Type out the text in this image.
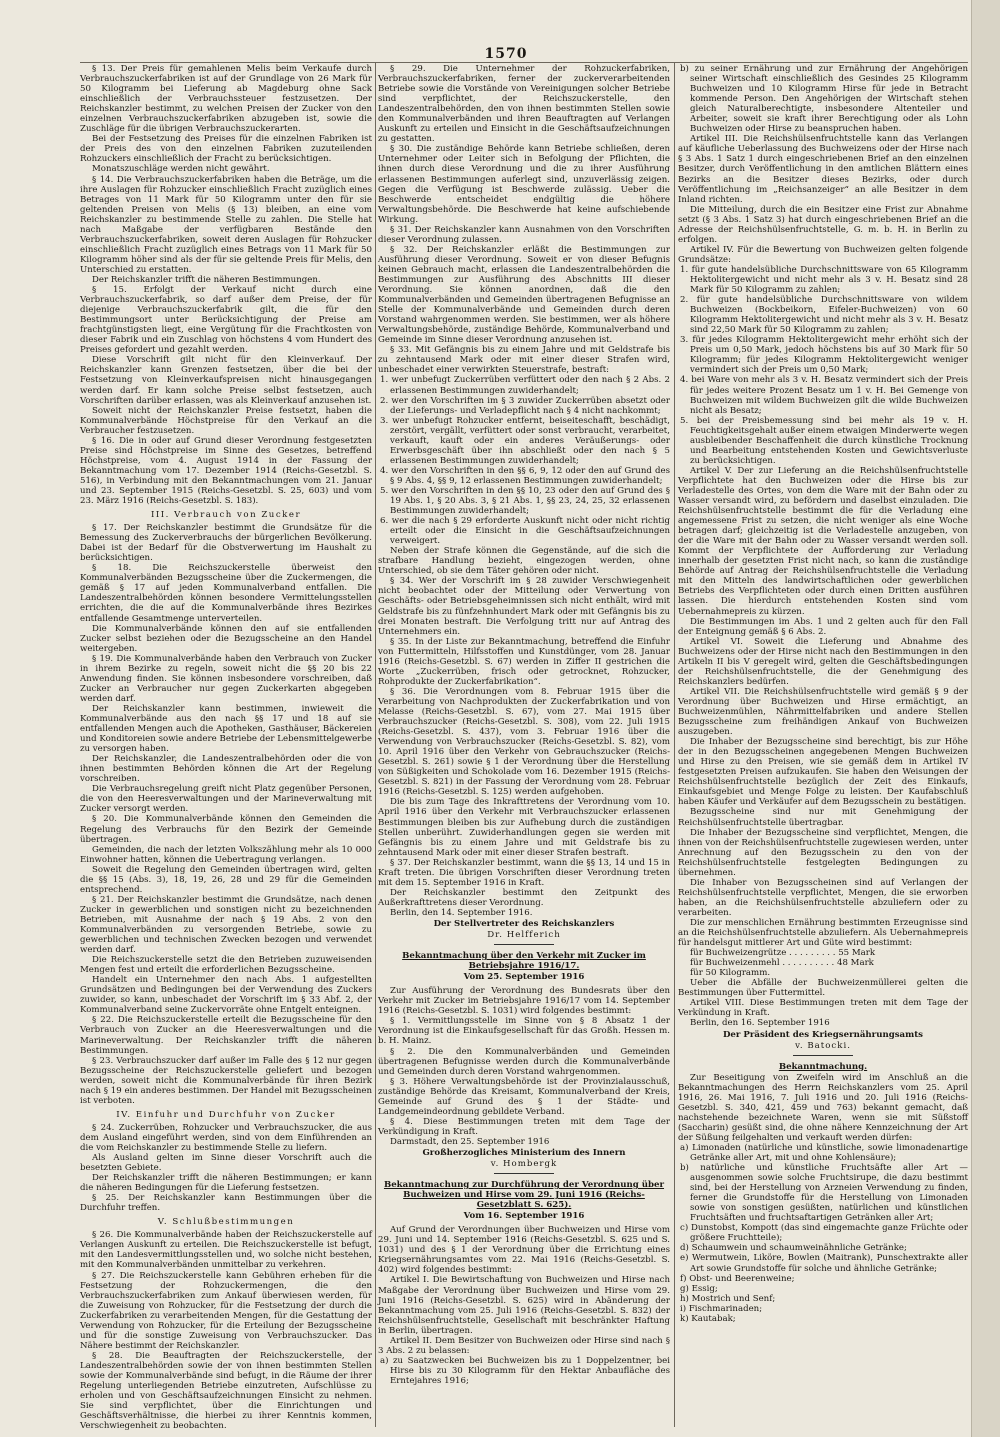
1570

§ 13. Der Preis für gemahlenen Melis beim Verkaufe durch Verbrauchszuckerfabriken ist auf der Grundlage von 26 Mark für 50 Kilogramm bei Lieferung ab Magdeburg ohne Sack einschließlich der Verbrauchssteuer festzusetzen. Der Reichskanzler bestimmt, zu welchen Preisen der Zucker von den einzelnen Verbrauchszuckerfabriken abzugeben ist, sowie die Zuschläge für die übrigen Verbrauchszuckerarten.

Bei der Festsetzung des Preises für die einzelnen Fabriken ist der Preis des von den einzelnen Fabriken zuzuteilenden Rohzuckers einschließlich der Fracht zu berücksichtigen.

Monatszuschläge werden nicht gewährt.

§ 14. Die Verbrauchszuckerfabriken haben die Beträge, um die ihre Auslagen für Rohzucker einschließlich Fracht zuzüglich eines Betrages von 11 Mark für 50 Kilogramm unter den für sie geltenden Preisen von Melis (§ 13) bleiben, an eine vom Reichskanzler zu bestimmende Stelle zu zahlen. Die Stelle hat nach Maßgabe der verfügbaren Bestände den Verbrauchszuckerfabriken, soweit deren Auslagen für Rohzucker einschließlich Fracht zuzüglich eines Betrags von 11 Mark für 50 Kilogramm höher sind als der für sie geltende Preis für Melis, den Unterschied zu erstatten.

Der Reichskanzler trifft die näheren Bestimmungen.

§ 15. Erfolgt der Verkauf nicht durch eine Verbrauchszuckerfabrik, so darf außer dem Preise, der für diejenige Verbrauchszuckerfabrik gilt, die für den Bestimmungsort unter Berücksichtigung der Preise am frachtgünstigsten liegt, eine Vergütung für die Frachtkosten von dieser Fabrik und ein Zuschlag von höchstens 4 vom Hundert des Preises gefordert und gezahlt werden.

Diese Vorschrift gilt nicht für den Kleinverkauf. Der Reichskanzler kann Grenzen festsetzen, über die bei der Festsetzung von Kleinverkaufspreisen nicht hinausgegangen werden darf. Er kann solche Preise selbst festsetzen, auch Vorschriften darüber erlassen, was als Kleinverkauf anzusehen ist.

Soweit nicht der Reichskanzler Preise festsetzt, haben die Kommunalverbände Höchstpreise für den Verkauf an die Verbraucher festzusetzen.

§ 16. Die in oder auf Grund dieser Verordnung festgesetzten Preise sind Höchstpreise im Sinne des Gesetzes, betreffend Höchstpreise, vom 4. August 1914 in der Fassung der Bekanntmachung vom 17. Dezember 1914 (Reichs-Gesetzbl. S. 516), in Verbindung mit den Bekanntmachungen vom 21. Januar und 23. September 1915 (Reichs-Gesetzbl. S. 25, 603) und vom 23. März 1916 (Reichs-Gesetzbl. S. 183).

III. Verbrauch von Zucker

§ 17. Der Reichskanzler bestimmt die Grundsätze für die Bemessung des Zuckerverbrauchs der bürgerlichen Bevölkerung. Dabei ist der Bedarf für die Obstverwertung im Haushalt zu berücksichtigen.

§ 18. Die Reichszuckerstelle überweist den Kommunalverbänden Bezugsscheine über die Zuckermengen, die gemäß § 17 auf jeden Kommunalverband entfallen. Die Landeszentralbehörden können besondere Vermittelungsstellen errichten, die die auf die Kommunalverbände ihres Bezirkes entfallende Gesamtmenge unterverteilen.

Die Kommunalverbände können den auf sie entfallenden Zucker selbst beziehen oder die Bezugsscheine an den Handel weitergeben.

§ 19. Die Kommunalverbände haben den Verbrauch von Zucker in ihrem Bezirke zu regeln, soweit nicht die §§ 20 bis 22 Anwendung finden. Sie können insbesondere vorschreiben, daß Zucker an Verbraucher nur gegen Zuckerkarten abgegeben werden darf.

Der Reichskanzler kann bestimmen, inwieweit die Kommunalverbände aus den nach §§ 17 und 18 auf sie entfallenden Mengen auch die Apotheken, Gasthäuser, Bäckereien und Konditoreien sowie andere Betriebe der Lebensmittelgewerbe zu versorgen haben.

Der Reichskanzler, die Landeszentralbehörden oder die von ihnen bestimmten Behörden können die Art der Regelung vorschreiben.

Die Verbrauchsregelung greift nicht Platz gegenüber Personen, die von den Heeresverwaltungen und der Marineverwaltung mit Zucker versorgt werden.

§ 20. Die Kommunalverbände können den Gemeinden die Regelung des Verbrauchs für den Bezirk der Gemeinde übertragen.

Gemeinden, die nach der letzten Volkszählung mehr als 10 000 Einwohner hatten, können die Uebertragung verlangen.

Soweit die Regelung den Gemeinden übertragen wird, gelten die §§ 15 (Abs. 3), 18, 19, 26, 28 und 29 für die Gemeinden entsprechend.

§ 21. Der Reichskanzler bestimmt die Grundsätze, nach denen Zucker in gewerblichen und sonstigen nicht zu bezeichnenden Betrieben, mit Ausnahme der nach § 19 Abs. 2 von den Kommunalverbänden zu versorgenden Betriebe, sowie zu gewerblichen und technischen Zwecken bezogen und verwendet werden darf.

Die Reichszuckerstelle setzt die den Betrieben zuzuweisenden Mengen fest und erteilt die erforderlichen Bezugsscheine.

Handelt ein Unternehmer den nach Abs. 1 aufgestellten Grundsätzen und Bedingungen bei der Verwendung des Zuckers zuwider, so kann, unbeschadet der Vorschrift im § 33 Abf. 2, der Kommunalverband seine Zuckervorräte ohne Entgelt enteignen.

§ 22. Die Reichszuckerstelle erteilt die Bezugsscheine für den Verbrauch von Zucker an die Heeresverwaltungen und die Marineverwaltung. Der Reichskanzler trifft die näheren Bestimmungen.

§ 23. Verbrauchszucker darf außer im Falle des § 12 nur gegen Bezugsscheine der Reichszuckerstelle geliefert und bezogen werden, soweit nicht die Kommunalverbände für ihren Bezirk nach § 19 ein anderes bestimmen. Der Handel mit Bezugsscheinen ist verboten.

IV. Einfuhr und Durchfuhr von Zucker

§ 24. Zuckerrüben, Rohzucker und Verbrauchszucker, die aus dem Ausland eingeführt werden, sind von dem Einführenden an die vom Reichskanzler zu bestimmende Stelle zu liefern.

Als Ausland gelten im Sinne dieser Vorschrift auch die besetzten Gebiete.

Der Reichskanzler trifft die näheren Bestimmungen; er kann die näheren Bedingungen für die Lieferung festsetzen.

§ 25. Der Reichskanzler kann Bestimmungen über die Durchfuhr treffen.

V. Schlußbestimmungen

§ 26. Die Kommunalverbände haben der Reichszuckerstelle auf Verlangen Auskunft zu erteilen. Die Reichszuckerstelle ist befugt, mit den Landesvermittlungsstellen und, wo solche nicht bestehen, mit den Kommunalverbänden unmittelbar zu verkehren.

§ 27. Die Reichszuckerstelle kann Gebühren erheben für die Festsetzung der Rohzuckermengen, die den Verbrauchszuckerfabriken zum Ankauf überwiesen werden, für die Zuweisung von Rohzucker, für die Festsetzung der durch die Zuckerfabriken zu verarbeitenden Mengen, für die Gestattung der Verwendung von Rohzucker, für die Erteilung der Bezugsscheine und für die sonstige Zuweisung von Verbrauchszucker. Das Nähere bestimmt der Reichskanzler.

§ 28. Die Beauftragten der Reichszuckerstelle, der Landeszentralbehörden sowie der von ihnen bestimmten Stellen sowie der Kommunalverbände sind befugt, in die Räume der ihrer Regelung unterliegenden Betriebe einzutreten, Aufschlüsse zu erholen und von Geschäftsaufzeichnungen Einsicht zu nehmen. Sie sind verpflichtet, über die Einrichtungen und Geschäftsverhältnisse, die hierbei zu ihrer Kenntnis kommen, Verschwiegenheit zu beobachten.

§ 29. Die Unternehmer der Rohzuckerfabriken, Verbrauchszuckerfabriken, ferner der zuckerverarbeitenden Betriebe sowie die Vorstände von Vereinigungen solcher Betriebe sind verpflichtet, der Reichszuckerstelle, den Landeszentralbehörden, den von ihnen bestimmten Stellen sowie den Kommunalverbänden und ihren Beauftragten auf Verlangen Auskunft zu erteilen und Einsicht in die Geschäftsaufzeichnungen zu gestatten.

§ 30. Die zuständige Behörde kann Betriebe schließen, deren Unternehmer oder Leiter sich in Befolgung der Pflichten, die ihnen durch diese Verordnung und die zu ihrer Ausführung erlassenen Bestimmungen auferlegt sind, unzuverlässig zeigen. Gegen die Verfügung ist Beschwerde zulässig. Ueber die Beschwerde entscheidet endgültig die höhere Verwaltungsbehörde. Die Beschwerde hat keine aufschiebende Wirkung.

§ 31. Der Reichskanzler kann Ausnahmen von den Vorschriften dieser Verordnung zulassen.

§ 32. Der Reichskanzler erläßt die Bestimmungen zur Ausführung dieser Verordnung. Soweit er von dieser Befugnis keinen Gebrauch macht, erlassen die Landeszentralbehörden die Bestimmungen zur Ausführung des Abschnitts III dieser Verordnung. Sie können anordnen, daß die den Kommunalverbänden und Gemeinden übertragenen Befugnisse an Stelle der Kommunalverbände und Gemeinden durch deren Vorstand wahrgenommen werden. Sie bestimmen, wer als höhere Verwaltungsbehörde, zuständige Behörde, Kommunalverband und Gemeinde im Sinne dieser Verordnung anzusehen ist.

§ 33. Mit Gefängnis bis zu einem Jahre und mit Geldstrafe bis zu zehntausend Mark oder mit einer dieser Strafen wird, unbeschadet einer verwirkten Steuerstrafe, bestraft:

1. wer unbefugt Zuckerrüben verfüttert oder den nach § 2 Abs. 2 erlassenen Bestimmungen zuwiderhandelt;

2. wer den Vorschriften im § 3 zuwider Zuckerrüben absetzt oder der Lieferungs- und Verladepflicht nach § 4 nicht nachkommt;

3. wer unbefugt Rohzucker entfernt, beiseiteschafft, beschädigt, zerstört, vergällt, verfüttert oder sonst verbraucht, verarbeitet, verkauft, kauft oder ein anderes Veräußerungs- oder Erwerbsgeschäft über ihn abschließt oder den nach § 5 erlassenen Bestimmungen zuwiderhandelt;

4. wer den Vorschriften in den §§ 6, 9, 12 oder den auf Grund des § 9 Abs. 4, §§ 9, 12 erlassenen Bestimmungen zuwiderhandelt;

5. wer den Vorschriften in den §§ 10, 23 oder den auf Grund des § 19 Abs. 1, § 20 Abs. 3, § 21 Abs. 1, §§ 23, 24, 25, 32 erlassenen Bestimmungen zuwiderhandelt;

6. wer die nach § 29 erforderte Auskunft nicht oder nicht richtig erteilt oder die Einsicht in die Geschäftsaufzeichnungen verweigert.

Neben der Strafe können die Gegenstände, auf die sich die strafbare Handlung bezieht, eingezogen werden, ohne Unterschied, ob sie dem Täter gehören oder nicht.

§ 34. Wer der Vorschrift im § 28 zuwider Verschwiegenheit nicht beobachtet oder der Mitteilung oder Verwertung von Geschäfts- oder Betriebsgeheimnissen sich nicht enthält, wird mit Geldstrafe bis zu fünfzehnhundert Mark oder mit Gefängnis bis zu drei Monaten bestraft. Die Verfolgung tritt nur auf Antrag des Unternehmers ein.

§ 35. In der Liste zur Bekanntmachung, betreffend die Einfuhr von Futtermitteln, Hilfsstoffen und Kunstdünger, vom 28. Januar 1916 (Reichs-Gesetzbl. S. 67) werden in Ziffer II gestrichen die Worte „Zuckerrüben, frisch oder getrocknet, Rohzucker, Rohprodukte der Zuckerfabrikation“.

§ 36. Die Verordnungen vom 8. Februar 1915 über die Verarbeitung von Nachprodukten der Zuckerfabrikation und von Melasse (Reichs-Gesetzbl. S. 67), vom 27. Mai 1915 über Verbrauchszucker (Reichs-Gesetzbl. S. 308), vom 22. Juli 1915 (Reichs-Gesetzbl. S. 437), vom 3. Februar 1916 über die Verwendung von Verbrauchszucker (Reichs-Gesetzbl. S. 82), vom 10. April 1916 über den Verkehr von Gebrauchszucker (Reichs-Gesetzbl. S. 261) sowie § 1 der Verordnung über die Herstellung von Süßigkeiten und Schokolade vom 16. Dezember 1915 (Reichs-Gesetzbl. S. 821) in der Fassung der Verordnung vom 28. Februar 1916 (Reichs-Gesetzbl. S. 125) werden aufgehoben.

Die bis zum Tage des Inkrafttretens der Verordnung vom 10. April 1916 über den Verkehr mit Verbrauchszucker erlassenen Bestimmungen bleiben bis zur Aufhebung durch die zuständigen Stellen unberührt. Zuwiderhandlungen gegen sie werden mit Gefängnis bis zu einem Jahre und mit Geldstrafe bis zu zehntausend Mark oder mit einer dieser Strafen bestraft.

§ 37. Der Reichskanzler bestimmt, wann die §§ 13, 14 und 15 in Kraft treten. Die übrigen Vorschriften dieser Verordnung treten mit dem 15. September 1916 in Kraft.

Der Reichskanzler bestimmt den Zeitpunkt des Außerkrafttretens dieser Verordnung.

Berlin, den 14. September 1916.

Der Stellvertreter des Reichskanzlers

Dr. Helfferich

Bekanntmachung über den Verkehr mit Zucker im Betriebsjahre 1916/17.

Vom 25. September 1916

Zur Ausführung der Verordnung des Bundesrats über den Verkehr mit Zucker im Betriebsjahre 1916/17 vom 14. September 1916 (Reichs-Gesetzbl. S. 1031) wird folgendes bestimmt:

§ 1. Vermittlungsstelle im Sinne von § 8 Absatz 1 der Verordnung ist die Einkaufsgesellschaft für das Großh. Hessen m. b. H. Mainz.

§ 2. Die den Kommunalverbänden und Gemeinden übertragenen Befugnisse werden durch die Kommunalverbände und Gemeinden durch deren Vorstand wahrgenommen.

§ 3. Höhere Verwaltungsbehörde ist der Provinzialausschuß, zuständige Behörde das Kreisamt, Kommunalverband der Kreis, Gemeinde auf Grund des § 1 der Städte- und Landgemeindeordnung gebildete Verband.

§ 4. Diese Bestimmungen treten mit dem Tage der Verkündigung in Kraft.

Darmstadt, den 25. September 1916

Großherzogliches Ministerium des Innern

v. Hombergk

Bekanntmachung zur Durchführung der Verordnung über Buchweizen und Hirse vom 29. Juni 1916 (Reichs-Gesetzblatt S. 625).

Vom 16. September 1916

Auf Grund der Verordnungen über Buchweizen und Hirse vom 29. Juni und 14. September 1916 (Reichs-Gesetzbl. S. 625 und S. 1031) und des § 1 der Verordnung über die Errichtung eines Kriegsernährungsamtes vom 22. Mai 1916 (Reichs-Gesetzbl. S. 402) wird folgendes bestimmt:

Artikel I. Die Bewirtschaftung von Buchweizen und Hirse nach Maßgabe der Verordnung über Buchweizen und Hirse vom 29. Juni 1916 (Reichs-Gesetzbl. S. 625) wird in Abänderung der Bekanntmachung vom 25. Juli 1916 (Reichs-Gesetzbl. S. 832) der Reichshülsenfruchtstelle, Gesellschaft mit beschränkter Haftung in Berlin, übertragen.

Artikel II. Dem Besitzer von Buchweizen oder Hirse sind nach § 3 Abs. 2 zu belassen:

a) zu Saatzwecken bei Buchweizen bis zu 1 Doppelzentner, bei Hirse bis zu 30 Kilogramm für den Hektar Anbaufläche des Erntejahres 1916;

b) zu seiner Ernährung und zur Ernährung der Angehörigen seiner Wirtschaft einschließlich des Gesindes 25 Kilogramm Buchweizen und 10 Kilogramm Hirse für jede in Betracht kommende Person. Den Angehörigen der Wirtschaft stehen gleich Naturalberechtigte, insbesondere Altenteiler und Arbeiter, soweit sie kraft ihrer Berechtigung oder als Lohn Buchweizen oder Hirse zu beanspruchen haben.

Artikel III. Die Reichshülsenfruchtstelle kann das Verlangen auf käufliche Ueberlassung des Buchweizens oder der Hirse nach § 3 Abs. 1 Satz 1 durch eingeschriebenen Brief an den einzelnen Besitzer, durch Veröffentlichung in den amtlichen Blättern eines Bezirks an die Besitzer dieses Bezirks, oder durch Veröffentlichung im „Reichsanzeiger“ an alle Besitzer in dem Inland richten.

Die Mitteilung, durch die ein Besitzer eine Frist zur Abnahme setzt (§ 3 Abs. 1 Satz 3) hat durch eingeschriebenen Brief an die Adresse der Reichshülsenfruchtstelle, G. m. b. H. in Berlin zu erfolgen.

Artikel IV. Für die Bewertung von Buchweizen gelten folgende Grundsätze:

1. für gute handelsübliche Durchschnittsware von 65 Kilogramm Hektolitergewicht und nicht mehr als 3 v. H. Besatz sind 28 Mark für 50 Kilogramm zu zahlen;

2. für gute handelsübliche Durchschnittsware von wildem Buchweizen (Bockbeikorn, Eifeler-Buchweizen) von 60 Kilogramm Hektolitergewicht und nicht mehr als 3 v. H. Besatz sind 22,50 Mark für 50 Kilogramm zu zahlen;

3. für jedes Kilogramm Hektolitergewicht mehr erhöht sich der Preis um 0,50 Mark, jedoch höchstens bis auf 30 Mark für 50 Kilogramm; für jedes Kilogramm Hektolitergewicht weniger vermindert sich der Preis um 0,50 Mark;

4. bei Ware von mehr als 3 v. H. Besatz vermindert sich der Preis für jedes weitere Prozent Besatz um 1 v. H. Bei Gemenge von Buchweizen mit wildem Buchweizen gilt die wilde Buchweizen nicht als Besatz;

5. bei der Preisbemessung sind bei mehr als 19 v. H. Feuchtigkeitsgehalt außer einem etwaigen Minderwerte wegen ausbleibender Beschaffenheit die durch künstliche Trocknung und Bearbeitung entstehenden Kosten und Gewichtsverluste zu berücksichtigen.

Artikel V. Der zur Lieferung an die Reichshülsenfruchtstelle Verpflichtete hat den Buchweizen oder die Hirse bis zur Verladestelle des Ortes, von dem die Ware mit der Bahn oder zu Wasser versandt wird, zu befördern und daselbst einzuladen. Die Reichshülsenfruchtstelle bestimmt die für die Verladung eine angemessene Frist zu setzen, die nicht weniger als eine Woche betragen darf; gleichzeitig ist die Verladestelle anzugeben, von der die Ware mit der Bahn oder zu Wasser versandt werden soll. Kommt der Verpflichtete der Aufforderung zur Verladung innerhalb der gesetzten Frist nicht nach, so kann die zuständige Behörde auf Antrag der Reichshülsenfruchtstelle die Verladung mit den Mitteln des landwirtschaftlichen oder gewerblichen Betriebs des Verpflichteten oder durch einen Dritten ausführen lassen. Die hierdurch entstehenden Kosten sind vom Uebernahmepreis zu kürzen.

Die Bestimmungen im Abs. 1 und 2 gelten auch für den Fall der Enteignung gemäß § 6 Abs. 2.

Artikel VI. Soweit die Lieferung und Abnahme des Buchweizens oder der Hirse nicht nach den Bestimmungen in den Artikeln II bis V geregelt wird, gelten die Geschäftsbedingungen der Reichshülsenfruchtstelle, die der Genehmigung des Reichskanzlers bedürfen.

Artikel VII. Die Reichshülsenfruchtstelle wird gemäß § 9 der Verordnung über Buchweizen und Hirse ermächtigt, an Buchweizenmühlen, Nährmittelfabriken und andere Stellen Bezugsscheine zum freihändigen Ankauf von Buchweizen auszugeben.

Die Inhaber der Bezugsscheine sind berechtigt, bis zur Höhe der in den Bezugsscheinen angegebenen Mengen Buchweizen und Hirse zu den Preisen, wie sie gemäß dem in Artikel IV festgesetzten Preisen aufzukaufen. Sie haben den Weisungen der Reichshülsenfruchtstelle bezüglich der Zeit des Einkaufs, Einkaufsgebiet und Menge Folge zu leisten. Der Kaufabschluß haben Käufer und Verkäufer auf dem Bezugsschein zu bestätigen.

Bezugsscheine sind nur mit Genehmigung der Reichshülsenfruchtstelle übertragbar.

Die Inhaber der Bezugsscheine sind verpflichtet, Mengen, die ihnen von der Reichshülsenfruchtstelle zugewiesen werden, unter Anrechnung auf den Bezugsschein zu den von der Reichshülsenfruchtstelle festgelegten Bedingungen zu übernehmen.

Die Inhaber von Bezugsscheinen sind auf Verlangen der Reichshülsenfruchtstelle verpflichtet, Mengen, die sie erworben haben, an die Reichshülsenfruchtstelle abzuliefern oder zu verarbeiten.

Die zur menschlichen Ernährung bestimmten Erzeugnisse sind an die Reichshülsenfruchtstelle abzuliefern. Als Uebernahmepreis für handelsgut mittlerer Art und Güte wird bestimmt:

für Buchweizengrütze . . . . . . . . . 55 Mark

für Buchweizenmehl . . . . . . . . . . 48 Mark

für 50 Kilogramm.

Ueber die Abfälle der Buchweizenmüllerei gelten die Bestimmungen über Futtermittel.

Artikel VIII. Diese Bestimmungen treten mit dem Tage der Verkündung in Kraft.

Berlin, den 16. September 1916

Der Präsident des Kriegsernährungsamts

v. Batocki.

Bekanntmachung.

Zur Beseitigung von Zweifeln wird im Anschluß an die Bekanntmachungen des Herrn Reichskanzlers vom 25. April 1916, 26. Mai 1916, 7. Juli 1916 und 20. Juli 1916 (Reichs-Gesetzbl. S. 340, 421, 459 und 763) bekannt gemacht, daß nachstehende bezeichnete Waren, wenn sie mit Süßstoff (Saccharin) gesüßt sind, die ohne nähere Kennzeichnung der Art der Süßung feilgehalten und verkauft werden dürfen:

a) Limonaden (natürliche und künstliche, sowie limonadenartige Getränke aller Art, mit und ohne Kohlensäure);

b) natürliche und künstliche Fruchtsäfte aller Art — ausgenommen sowie solche Fruchtsirupe, die dazu bestimmt sind, bei der Herstellung von Arzneien Verwendung zu finden, ferner die Grundstoffe für die Herstellung von Limonaden sowie von sonstigen gesüßten, natürlichen und künstlichen Fruchtsäften und fruchtsaftartigen Getränken aller Art;

c) Dunstobst, Kompott (das sind eingemachte ganze Früchte oder größere Fruchtteile);

d) Schaumwein und schaumweinähnliche Getränke;

e) Wermutwein, Liköre, Bowlen (Maitrank), Punschextrakte aller Art sowie Grundstoffe für solche und ähnliche Getränke;

f) Obst- und Beerenweine;

g) Essig;

h) Mostrich und Senf;

i) Fischmarinaden;

k) Kautabak;
